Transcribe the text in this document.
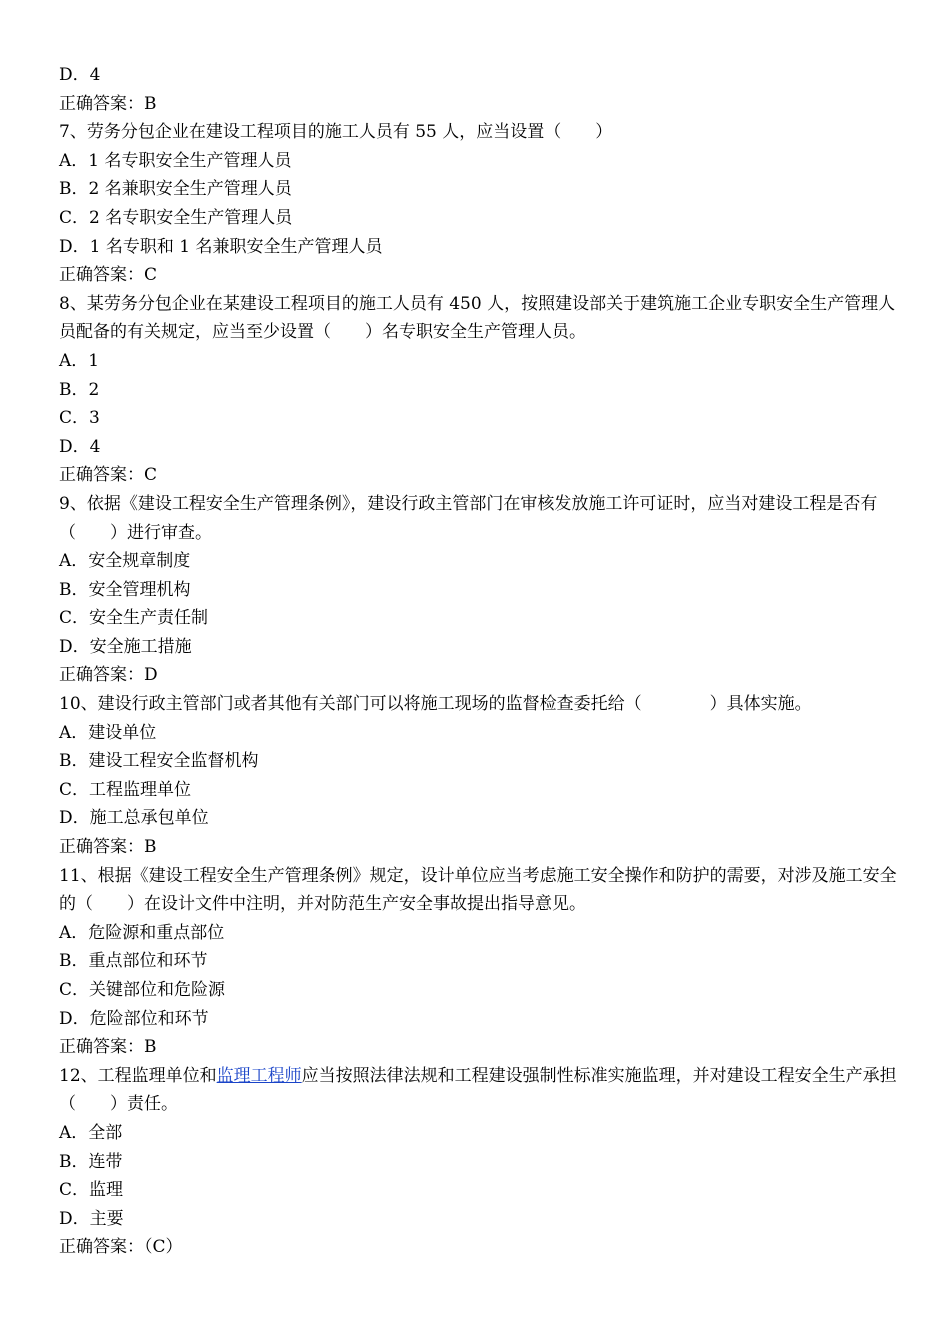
D．4
正确答案：B
7、劳务分包企业在建设工程项目的施工人员有 55 人，应当设置（　　）
A．1 名专职安全生产管理人员
B．2 名兼职安全生产管理人员
C．2 名专职安全生产管理人员
D．1 名专职和 1 名兼职安全生产管理人员
正确答案：C
8、某劳务分包企业在某建设工程项目的施工人员有 450 人，按照建设部关于建筑施工企业专职安全生产管理人员配备的有关规定，应当至少设置（　　）名专职安全生产管理人员。
A．1
B．2
C．3
D．4
正确答案：C
9、依据《建设工程安全生产管理条例》，建设行政主管部门在审核发放施工许可证时，应当对建设工程是否有（　　）进行审查。
A．安全规章制度
B．安全管理机构
C．安全生产责任制
D．安全施工措施
正确答案：D
10、建设行政主管部门或者其他有关部门可以将施工现场的监督检查委托给（　　　　）具体实施。
A．建设单位
B．建设工程安全监督机构
C．工程监理单位
D．施工总承包单位
正确答案：B
11、根据《建设工程安全生产管理条例》规定，设计单位应当考虑施工安全操作和防护的需要，对涉及施工安全的（　　）在设计文件中注明，并对防范生产安全事故提出指导意见。
A．危险源和重点部位
B．重点部位和环节
C．关键部位和危险源
D．危险部位和环节
正确答案：B
12、工程监理单位和监理工程师应当按照法律法规和工程建设强制性标准实施监理，并对建设工程安全生产承担（　　）责任。
A．全部
B．连带
C．监理
D．主要
正确答案：（C）
